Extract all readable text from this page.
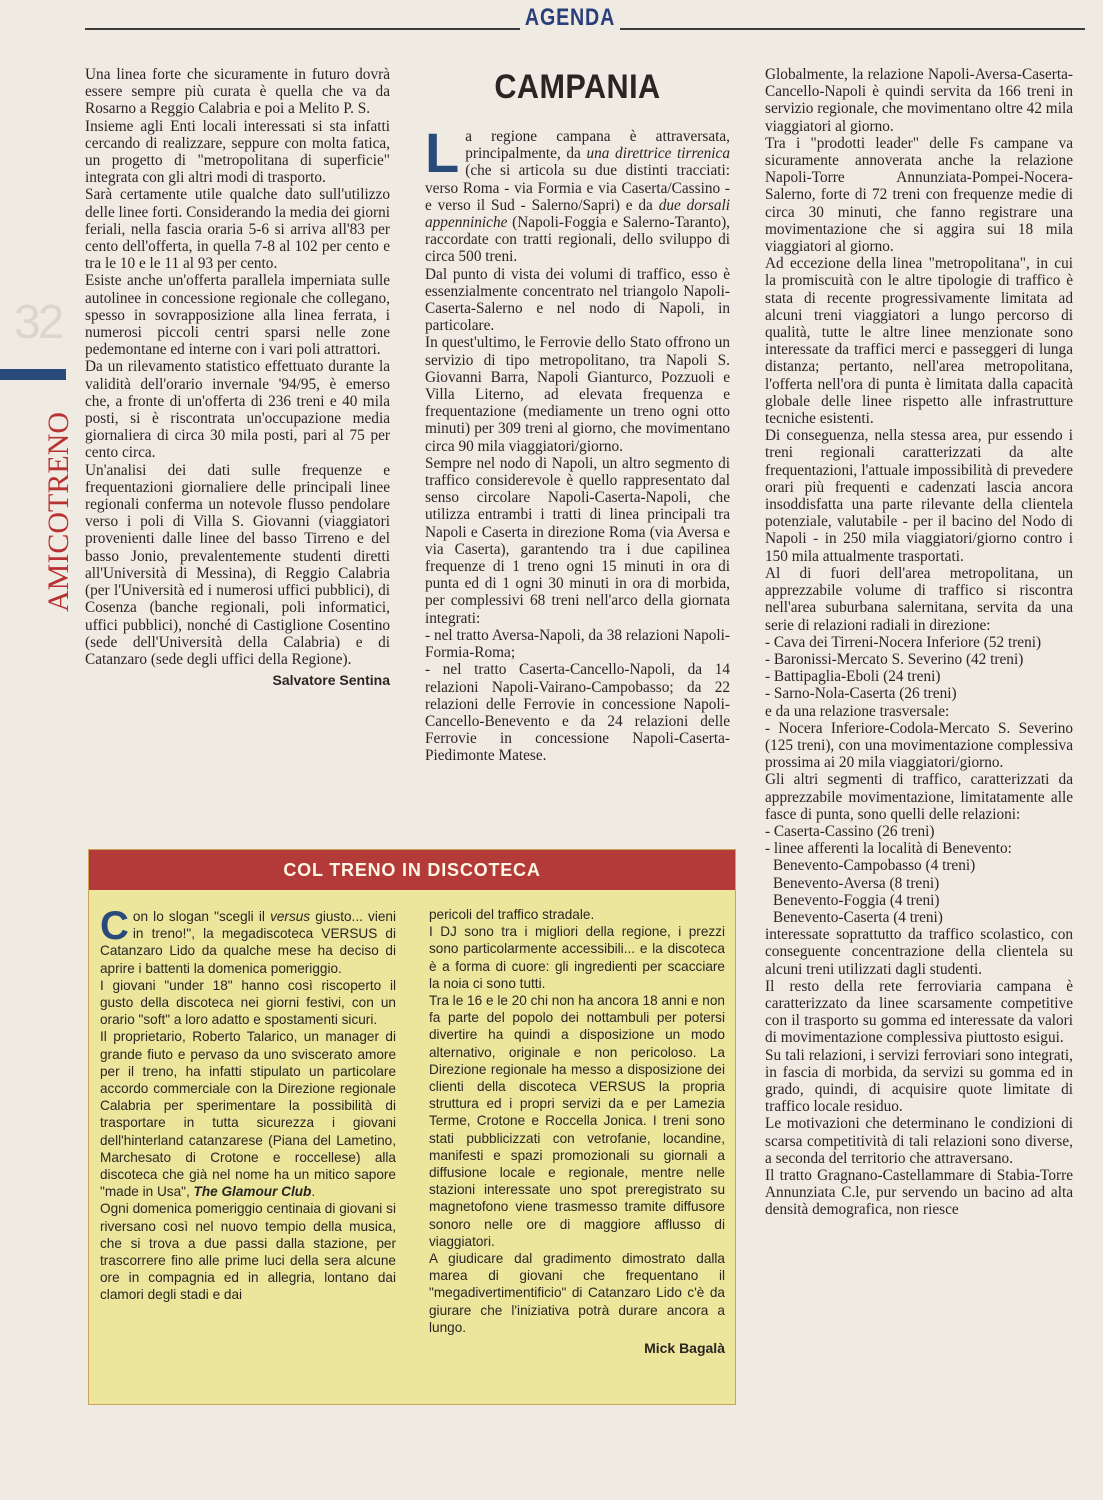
AGENDA
32
AMICOTRENO

Una linea forte che sicuramente in futuro dovrà essere sempre più curata è quella che va da Rosarno a Reggio Calabria e poi a Melito P. S.

Insieme agli Enti locali interessati si sta infatti cercando di realizzare, seppure con molta fatica, un progetto di "metropolitana di superficie" integrata con gli altri modi di trasporto.

Sarà certamente utile qualche dato sull'utilizzo delle linee forti. Considerando la media dei giorni feriali, nella fascia oraria 5-6 si arriva all'83 per cento dell'offerta, in quella 7-8 al 102 per cento e tra le 10 e le 11 al 93 per cento.

Esiste anche un'offerta parallela imperniata sulle autolinee in concessione regionale che collegano, spesso in sovrapposizione alla linea ferrata, i numerosi piccoli centri sparsi nelle zone pedemontane ed interne con i vari poli attrattori.

Da un rilevamento statistico effettuato durante la validità dell'orario invernale '94/95, è emerso che, a fronte di un'offerta di 236 treni e 40 mila posti, si è riscontrata un'occupazione media giornaliera di circa 30 mila posti, pari al 75 per cento circa.

Un'analisi dei dati sulle frequenze e frequentazioni giornaliere delle principali linee regionali conferma un notevole flusso pendolare verso i poli di Villa S. Giovanni (viaggiatori provenienti dalle linee del basso Tirreno e del basso Jonio, prevalentemente studenti diretti all'Università di Messina), di Reggio Calabria (per l'Università ed i numerosi uffici pubblici), di Cosenza (banche regionali, poli informatici, uffici pubblici), nonché di Castiglione Cosentino (sede dell'Università della Calabria) e di Catanzaro (sede degli uffici della Regione).

Salvatore Sentina
CAMPANIA

La regione campana è attraversata, principalmente, da una direttrice tirrenica (che si articola su due distinti tracciati: verso Roma - via Formia e via Caserta/Cassino - e verso il Sud - Salerno/Sapri) e da due dorsali appenniniche (Napoli-Foggia e Salerno-Taranto), raccordate con tratti regionali, dello sviluppo di circa 500 treni.

Dal punto di vista dei volumi di traffico, esso è essenzialmente concentrato nel triangolo Napoli-Caserta-Salerno e nel nodo di Napoli, in particolare.

In quest'ultimo, le Ferrovie dello Stato offrono un servizio di tipo metropolitano, tra Napoli S. Giovanni Barra, Napoli Gianturco, Pozzuoli e Villa Literno, ad elevata frequenza e frequentazione (mediamente un treno ogni otto minuti) per 309 treni al giorno, che movimentano circa 90 mila viaggiatori/giorno.

Sempre nel nodo di Napoli, un altro segmento di traffico considerevole è quello rappresentato dal senso circolare Napoli-Caserta-Napoli, che utilizza entrambi i tratti di linea principali tra Napoli e Caserta in direzione Roma (via Aversa e via Caserta), garantendo tra i due capilinea frequenze di 1 treno ogni 15 minuti in ora di punta ed di 1 ogni 30 minuti in ora di morbida, per complessivi 68 treni nell'arco della giornata integrati:

- nel tratto Aversa-Napoli, da 38 relazioni Napoli-Formia-Roma;

- nel tratto Caserta-Cancello-Napoli, da 14 relazioni Napoli-Vairano-Campobasso; da 22 relazioni delle Ferrovie in concessione Napoli-Cancello-Benevento e da 24 relazioni delle Ferrovie in concessione Napoli-Caserta-Piedimonte Matese.

Globalmente, la relazione Napoli-Aversa-Caserta-Cancello-Napoli è quindi servita da 166 treni in servizio regionale, che movimentano oltre 42 mila viaggiatori al giorno.

Tra i "prodotti leader" delle Fs campane va sicuramente annoverata anche la relazione Napoli-Torre Annunziata-Pompei-Nocera-Salerno, forte di 72 treni con frequenze medie di circa 30 minuti, che fanno registrare una movimentazione che si aggira sui 18 mila viaggiatori al giorno.

Ad eccezione della linea "metropolitana", in cui la promiscuità con le altre tipologie di traffico è stata di recente progressivamente limitata ad alcuni treni viaggiatori a lungo percorso di qualità, tutte le altre linee menzionate sono interessate da traffici merci e passeggeri di lunga distanza; pertanto, nell'area metropolitana, l'offerta nell'ora di punta è limitata dalla capacità globale delle linee rispetto alle infrastrutture tecniche esistenti.

Di conseguenza, nella stessa area, pur essendo i treni regionali caratterizzati da alte frequentazioni, l'attuale impossibilità di prevedere orari più frequenti e cadenzati lascia ancora insoddisfatta una parte rilevante della clientela potenziale, valutabile - per il bacino del Nodo di Napoli - in 250 mila viaggiatori/giorno contro i 150 mila attualmente trasportati.

Al di fuori dell'area metropolitana, un apprezzabile volume di traffico si riscontra nell'area suburbana salernitana, servita da una serie di relazioni radiali in direzione:

- Cava dei Tirreni-Nocera Inferiore (52 treni)

- Baronissi-Mercato S. Severino (42 treni)

- Battipaglia-Eboli (24 treni)

- Sarno-Nola-Caserta (26 treni)

e da una relazione trasversale:

- Nocera Inferiore-Codola-Mercato S. Severino (125 treni), con una movimentazione complessiva prossima ai 20 mila viaggiatori/giorno.

Gli altri segmenti di traffico, caratterizzati da apprezzabile movimentazione, limitatamente alle fasce di punta, sono quelli delle relazioni:

- Caserta-Cassino (26 treni)

- linee afferenti la località di Benevento:

Benevento-Campobasso (4 treni)

Benevento-Aversa (8 treni)

Benevento-Foggia (4 treni)

Benevento-Caserta (4 treni)

interessate soprattutto da traffico scolastico, con conseguente concentrazione della clientela su alcuni treni utilizzati dagli studenti.

Il resto della rete ferroviaria campana è caratterizzato da linee scarsamente competitive con il trasporto su gomma ed interessate da valori di movimentazione complessiva piuttosto esigui.

Su tali relazioni, i servizi ferroviari sono integrati, in fascia di morbida, da servizi su gomma ed in grado, quindi, di acquisire quote limitate di traffico locale residuo.

Le motivazioni che determinano le condizioni di scarsa competitività di tali relazioni sono diverse, a seconda del territorio che attraversano.

Il tratto Gragnano-Castellammare di Stabia-Torre Annunziata C.le, pur servendo un bacino ad alta densità demografica, non riesce

COL TRENO IN DISCOTECA

Con lo slogan "scegli il versus giusto... vieni in treno!", la megadiscoteca VERSUS di Catanzaro Lido da qualche mese ha deciso di aprire i battenti la domenica pomeriggio.

I giovani "under 18" hanno così riscoperto il gusto della discoteca nei giorni festivi, con un orario "soft" a loro adatto e spostamenti sicuri.

Il proprietario, Roberto Talarico, un manager di grande fiuto e pervaso da uno sviscerato amore per il treno, ha infatti stipulato un particolare accordo commerciale con la Direzione regionale Calabria per sperimentare la possibilità di trasportare in tutta sicurezza i giovani dell'hinterland catanzarese (Piana del Lametino, Marchesato di Crotone e roccellese) alla discoteca che già nel nome ha un mitico sapore "made in Usa", The Glamour Club.

Ogni domenica pomeriggio centinaia di giovani si riversano così nel nuovo tempio della musica, che si trova a due passi dalla stazione, per trascorrere fino alle prime luci della sera alcune ore in compagnia ed in allegria, lontano dai clamori degli stadi e dai

pericoli del traffico stradale.

I DJ sono tra i migliori della regione, i prezzi sono particolarmente accessibili... e la discoteca è a forma di cuore: gli ingredienti per scacciare la noia ci sono tutti.

Tra le 16 e le 20 chi non ha ancora 18 anni e non fa parte del popolo dei nottambuli per potersi divertire ha quindi a disposizione un modo alternativo, originale e non pericoloso. La Direzione regionale ha messo a disposizione dei clienti della discoteca VERSUS la propria struttura ed i propri servizi da e per Lamezia Terme, Crotone e Roccella Jonica. I treni sono stati pubblicizzati con vetrofanie, locandine, manifesti e spazi promozionali su giornali a diffusione locale e regionale, mentre nelle stazioni interessate uno spot preregistrato su magnetofono viene trasmesso tramite diffusore sonoro nelle ore di maggiore afflusso di viaggiatori.

A giudicare dal gradimento dimostrato dalla marea di giovani che frequentano il "megadivertimentificio" di Catanzaro Lido c'è da giurare che l'iniziativa potrà durare ancora a lungo.

Mick Bagalà
